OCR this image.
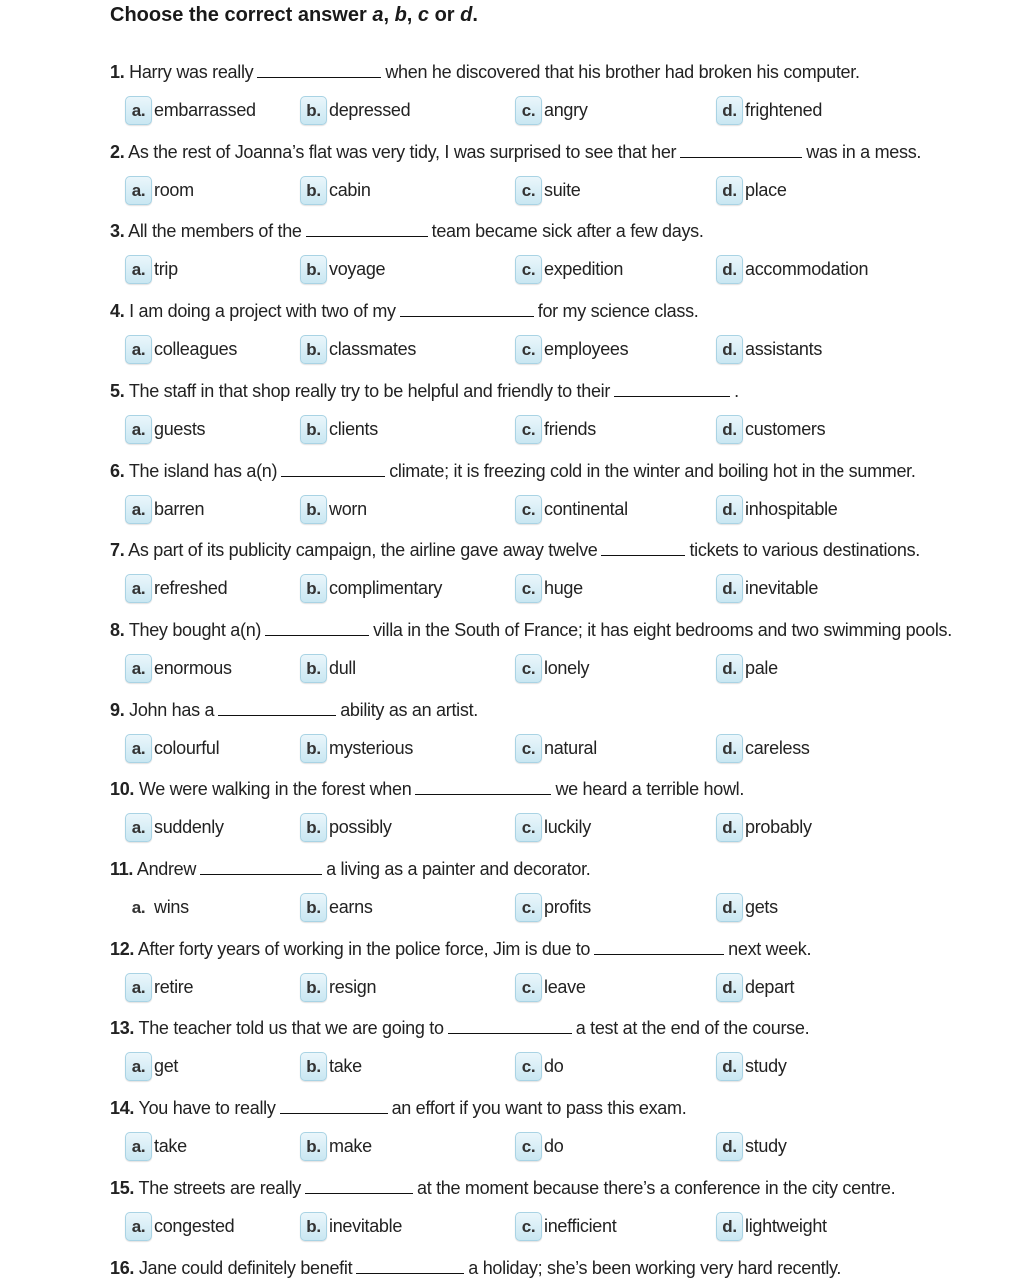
Choose the correct answer a, b, c or d.
1. Harry was really	when he discovered that his brother had broken his computer.
a. embarrassed	b. depressed	c. angry	d. frightened
2. As the rest of Joanna’s flat was very tidy, I was surprised to see that her	was in a mess.
a. room	b. cabin	c. suite	d. place
3. All the members of the	team became sick after a few days.
a. trip	b. voyage	c. expedition	d. accommodation
4. I am doing a project with two of my	for my science class.
a. colleagues	b. classmates	c. employees	d. assistants
5. The staff in that shop really try to be helpful and friendly to their	.
a. guests	b. clients	c. friends	d. customers
6. The island has a(n)	climate; it is freezing cold in the winter and boiling hot in the summer.
a. barren	b. worn	c. continental	d. inhospitable
7. As part of its publicity campaign, the airline gave away twelve	tickets to various destinations.
a. refreshed	b. complimentary	c. huge	d. inevitable
8. They bought a(n)	villa in the South of France; it has eight bedrooms and two swimming pools.
a. enormous	b. dull	c. lonely	d. pale
9. John has a	ability as an artist.
a. colourful	b. mysterious	c. natural	d. careless
10. We were walking in the forest when	we heard a terrible howl.
a. suddenly	b. possibly	c. luckily	d. probably
11. Andrew	a living as a painter and decorator.
a. wins	b. earns	c. profits	d. gets
12. After forty years of working in the police force, Jim is due to	next week.
a. retire	b. resign	c. leave	d. depart
13. The teacher told us that we are going to	a test at the end of the course.
a. get	b. take	c. do	d. study
14. You have to really	an effort if you want to pass this exam.
a. take	b. make	c. do	d. study
15. The streets are really	at the moment because there’s a conference in the city centre.
a. congested	b. inevitable	c. inefficient	d. lightweight
16. Jane could definitely benefit	a holiday; she’s been working very hard recently.
